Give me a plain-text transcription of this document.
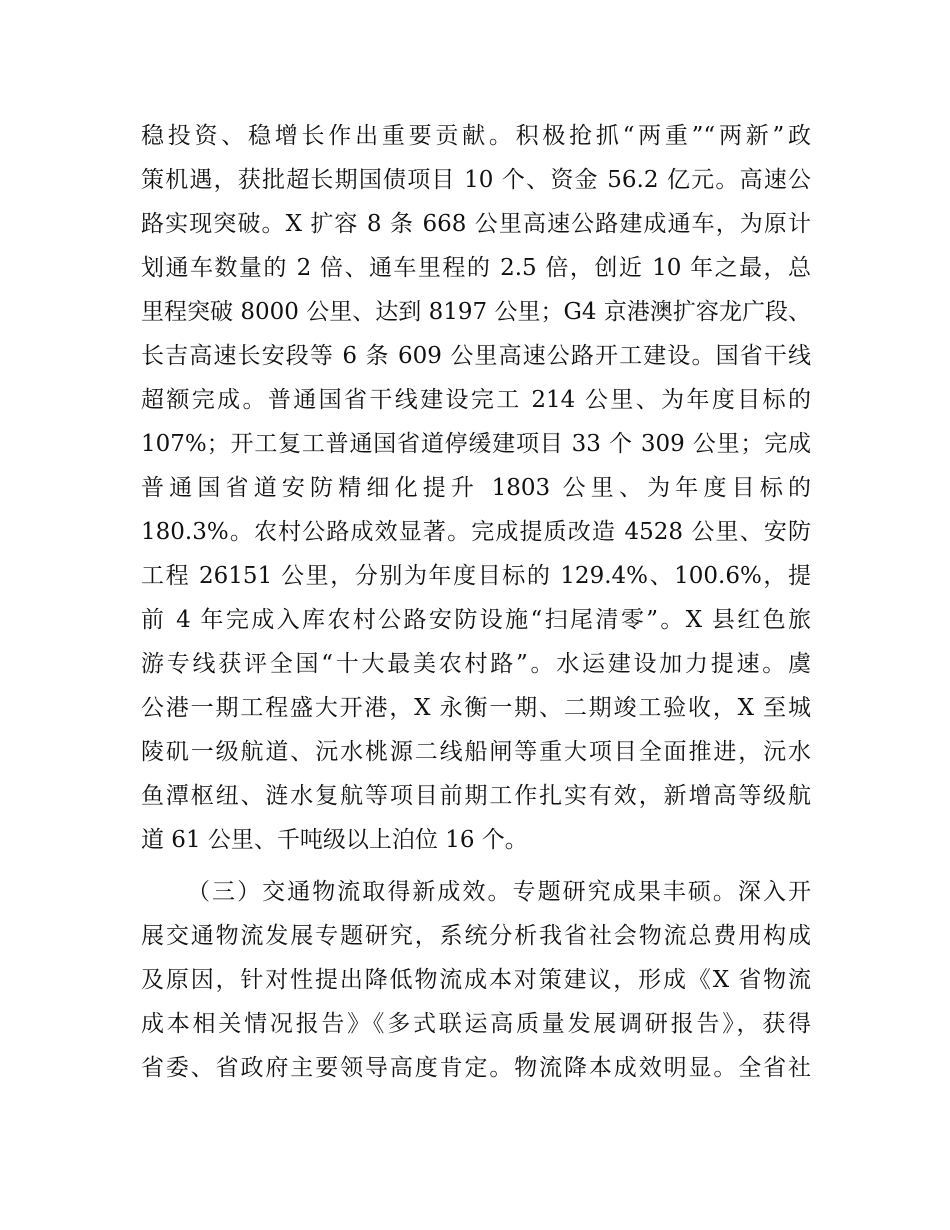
稳投资、稳增长作出重要贡献。积极抢抓“两重”“两新”政
策机遇，获批超长期国债项目 10 个、资金 56.2 亿元。高速公
路实现突破。X 扩容 8 条 668 公里高速公路建成通车，为原计
划通车数量的 2 倍、通车里程的 2.5 倍，创近 10 年之最，总
里程突破 8000 公里、达到 8197 公里；G4 京港澳扩容龙广段、
长吉高速长安段等 6 条 609 公里高速公路开工建设。国省干线
超额完成。普通国省干线建设完工 214 公里、为年度目标的
107%；开工复工普通国省道停缓建项目 33 个 309 公里；完成
普通国省道安防精细化提升 1803 公里、为年度目标的
180.3%。农村公路成效显著。完成提质改造 4528 公里、安防
工程 26151 公里，分别为年度目标的 129.4%、100.6%，提
前 4 年完成入库农村公路安防设施“扫尾清零”。X 县红色旅
游专线获评全国“十大最美农村路”。水运建设加力提速。虞
公港一期工程盛大开港，X 永衡一期、二期竣工验收，X 至城
陵矶一级航道、沅水桃源二线船闸等重大项目全面推进，沅水
鱼潭枢纽、涟水复航等项目前期工作扎实有效，新增高等级航
道 61 公里、千吨级以上泊位 16 个。
（三）交通物流取得新成效。专题研究成果丰硕。深入开
展交通物流发展专题研究，系统分析我省社会物流总费用构成
及原因，针对性提出降低物流成本对策建议，形成《X 省物流
成本相关情况报告》《多式联运高质量发展调研报告》，获得
省委、省政府主要领导高度肯定。物流降本成效明显。全省社
